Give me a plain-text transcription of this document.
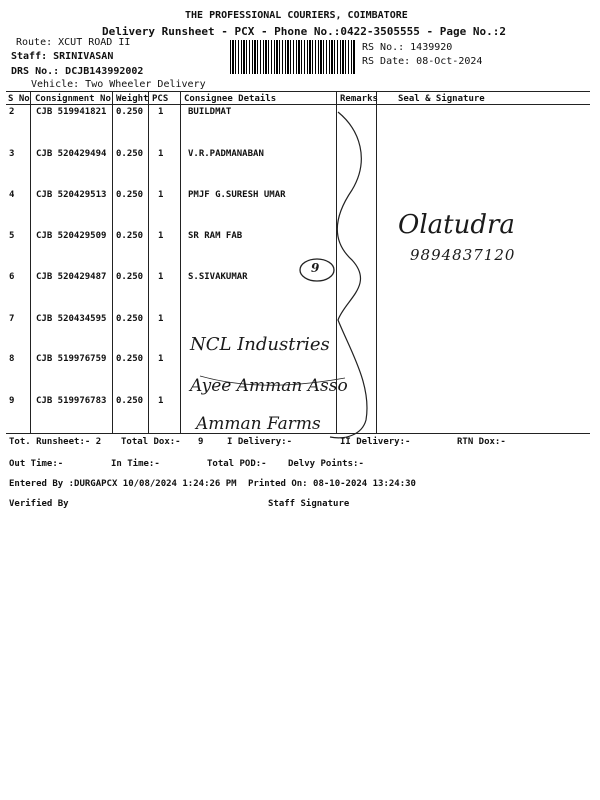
THE PROFESSIONAL COURIERS, COIMBATORE
Delivery Runsheet - PCX - Phone No.:0422-3505555 - Page No.:2
Route: XCUT ROAD II
Staff: SRINIVASAN
RS No.: 1439920
RS Date: 08-Oct-2024
DRS No.: DCJB143992002
Vehicle: Two Wheeler Delivery
S No Consignment No Weight PCS Consignee Details	Remarks Seal & Signature
2 CJB 519941821 0.250 1	BUILDMAT
3 CJB 520429494 0.250 1	V.R.PADMANABAN
4 CJB 520429513 0.250 1	PMJF G.SURESH UMAR
5 CJB 520429509 0.250 1	SR RAM FAB
6 CJB 520429487 0.250 1	S.SIVAKUMAR
7 CJB 520434595 0.250 1
8 CJB 519976759 0.250 1
9 CJB 519976783 0.250 1
Olatudra
9894837120
9
NCL Industries
Ayee Amman Asso
Amman Farms
Tot. Runsheet:- 2 Total Dox:- 9	I Delivery:-	II Delivery:-	RTN Dox:-
Out Time:-	In Time:-	Total POD:- Delvy Points:-
Entered By :DURGAPCX 10/08/2024 1:24:26 PM Printed On: 08-10-2024 13:24:30
Verified By	Staff Signature
